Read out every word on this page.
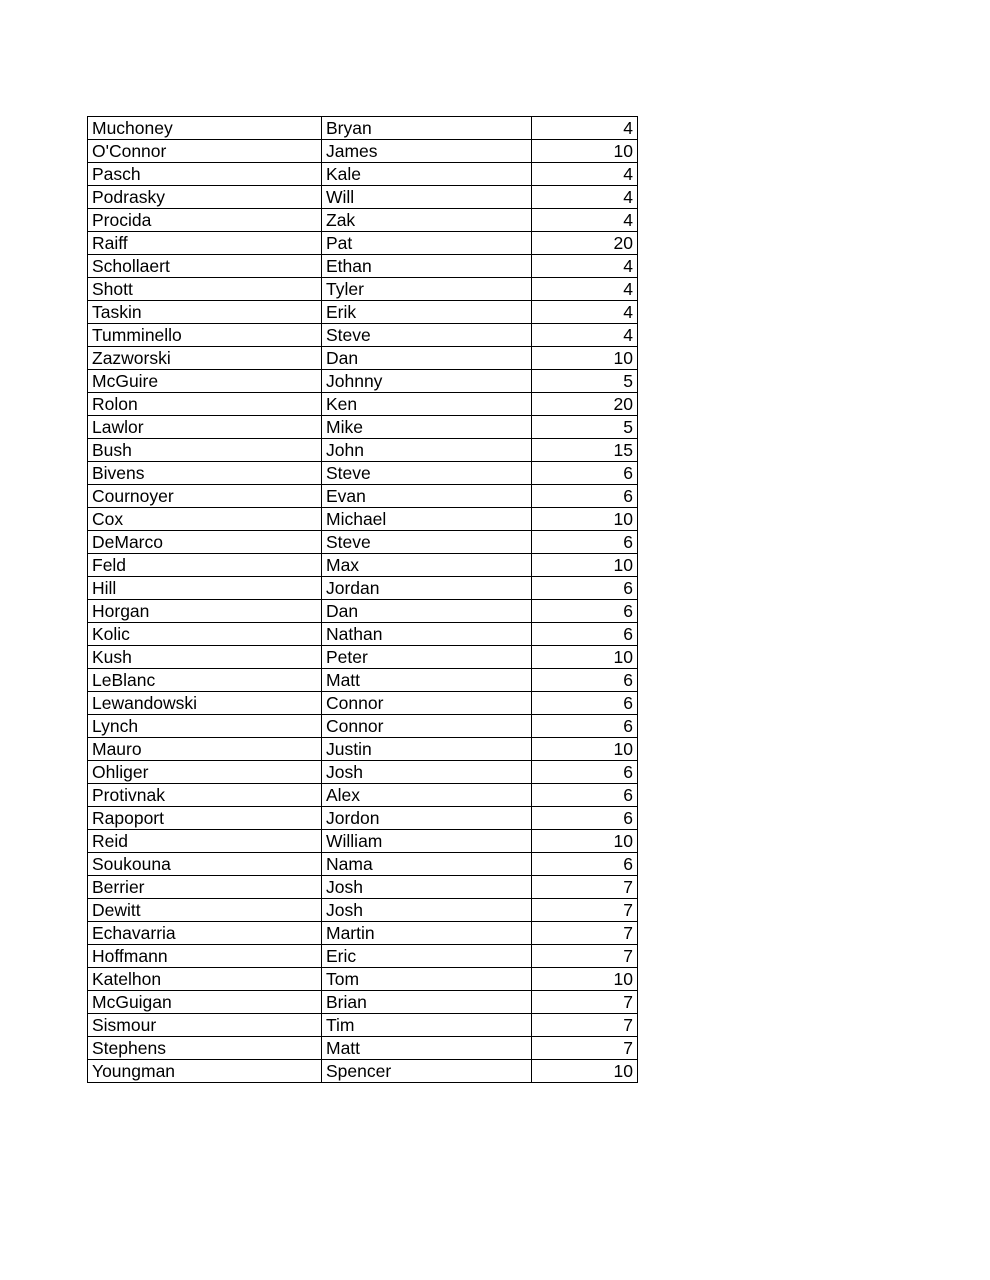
Muchoney	Bryan	4
O'Connor	James	10
Pasch	Kale	4
Podrasky	Will	4
Procida	Zak	4
Raiff	Pat	20
Schollaert	Ethan	4
Shott	Tyler	4
Taskin	Erik	4
Tumminello	Steve	4
Zazworski	Dan	10
McGuire	Johnny	5
Rolon	Ken	20
Lawlor	Mike	5
Bush	John	15
Bivens	Steve	6
Cournoyer	Evan	6
Cox	Michael	10
DeMarco	Steve	6
Feld	Max	10
Hill	Jordan	6
Horgan	Dan	6
Kolic	Nathan	6
Kush	Peter	10
LeBlanc	Matt	6
Lewandowski	Connor	6
Lynch	Connor	6
Mauro	Justin	10
Ohliger	Josh	6
Protivnak	Alex	6
Rapoport	Jordon	6
Reid	William	10
Soukouna	Nama	6
Berrier	Josh	7
Dewitt	Josh	7
Echavarria	Martin	7
Hoffmann	Eric	7
Katelhon	Tom	10
McGuigan	Brian	7
Sismour	Tim	7
Stephens	Matt	7
Youngman	Spencer	10
